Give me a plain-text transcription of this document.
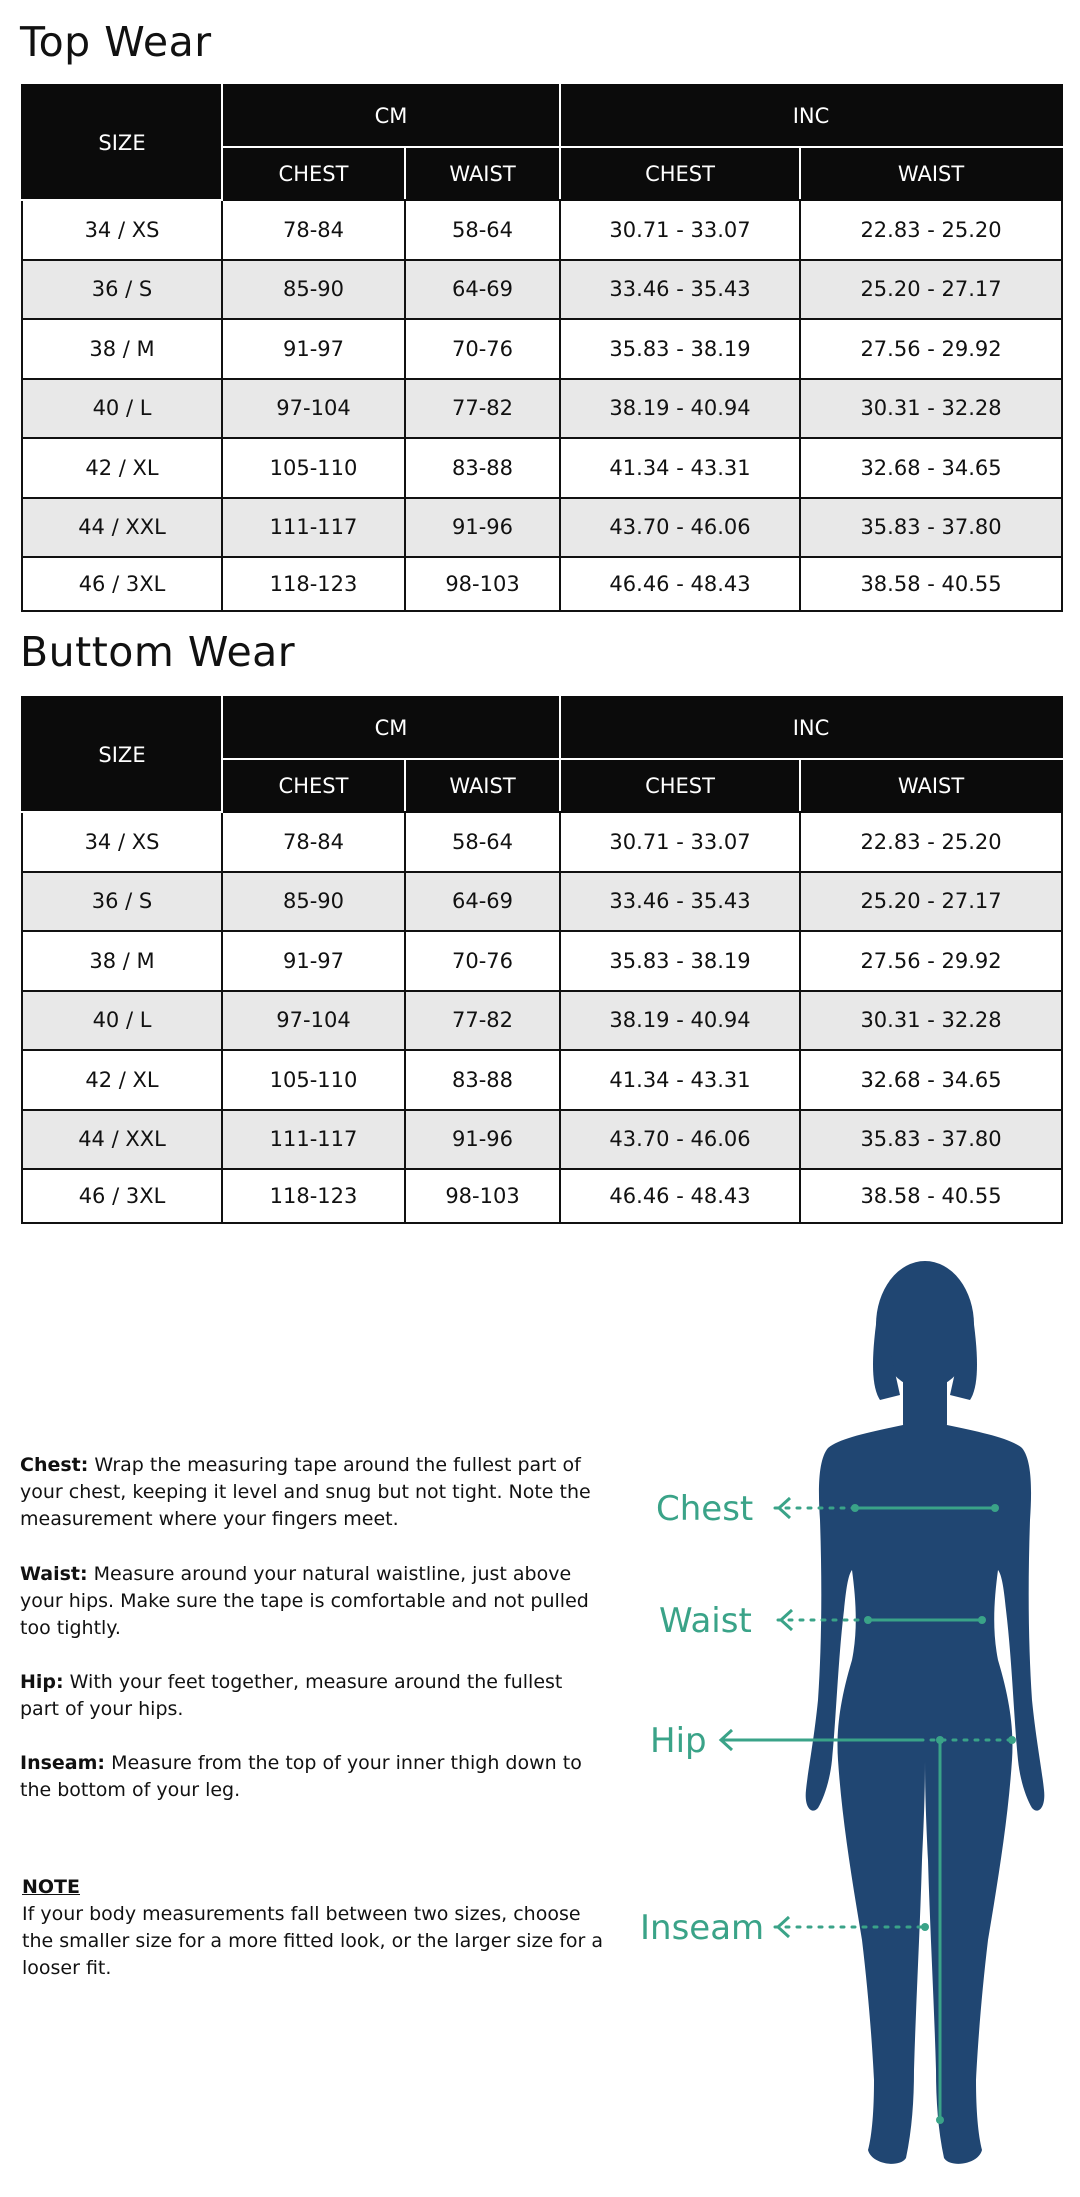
Top Wear
SIZE	CM		INC	
	CHEST	WAIST	CHEST	WAIST
34 / XS	78-84	58-64	30.71 - 33.07	22.83 - 25.20
36 / S	85-90	64-69	33.46 - 35.43	25.20 - 27.17
38 / M	91-97	70-76	35.83 - 38.19	27.56 - 29.92
40 / L	97-104	77-82	38.19 - 40.94	30.31 - 32.28
42 / XL	105-110	83-88	41.34 - 43.31	32.68 - 34.65
44 / XXL	111-117	91-96	43.70 - 46.06	35.83 - 37.80
46 / 3XL	118-123	98-103	46.46 - 48.43	38.58 - 40.55
Buttom Wear
SIZE	CM		INC	
	CHEST	WAIST	CHEST	WAIST
34 / XS	78-84	58-64	30.71 - 33.07	22.83 - 25.20
36 / S	85-90	64-69	33.46 - 35.43	25.20 - 27.17
38 / M	91-97	70-76	35.83 - 38.19	27.56 - 29.92
40 / L	97-104	77-82	38.19 - 40.94	30.31 - 32.28
42 / XL	105-110	83-88	41.34 - 43.31	32.68 - 34.65
44 / XXL	111-117	91-96	43.70 - 46.06	35.83 - 37.80
46 / 3XL	118-123	98-103	46.46 - 48.43	38.58 - 40.55
Chest: Wrap the measuring tape around the fullest part of your chest, keeping it level and snug but not tight. Note the measurement where your fingers meet.
Waist: Measure around your natural waistline, just above your hips. Make sure the tape is comfortable and not pulled too tightly.
Hip: With your feet together, measure around the fullest part of your hips.
Inseam: Measure from the top of your inner thigh down to the bottom of your leg.
NOTE
If your body measurements fall between two sizes, choose the smaller size for a more fitted look, or the larger size for a looser fit.
Chest
Waist
Hip
Inseam
